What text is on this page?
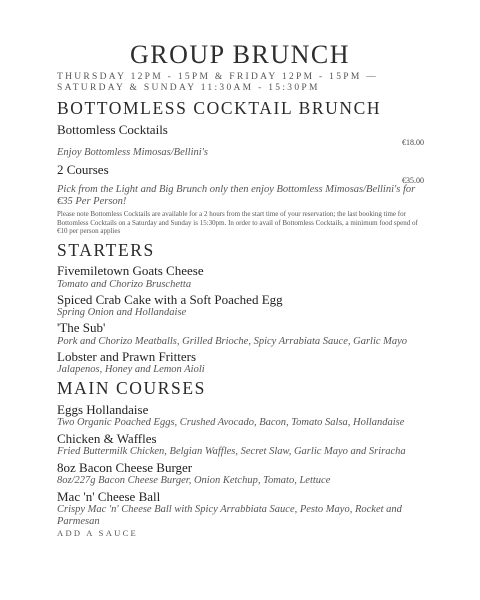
GROUP BRUNCH
THURSDAY 12PM - 15PM & FRIDAY 12PM - 15PM — SATURDAY & SUNDAY 11:30AM - 15:30PM
BOTTOMLESS COCKTAIL BRUNCH
Bottomless Cocktails
€18.00
Enjoy Bottomless Mimosas/Bellini's
2 Courses
€35.00
Pick from the Light and Big Brunch only then enjoy Bottomless Mimosas/Bellini's for €35 Per Person!
Please note Bottomless Cocktails are available for a 2 hours from the start time of your reservation; the last booking time for Bottomless Cocktails on a Saturday and Sunday is 15:30pm. In order to avail of Bottomless Cocktails, a minimum food spend of €10 per person applies
STARTERS
Fivemiletown Goats Cheese
Tomato and Chorizo Bruschetta
Spiced Crab Cake with a Soft Poached Egg
Spring Onion and Hollandaise
'The Sub'
Pork and Chorizo Meatballs, Grilled Brioche, Spicy Arrabiata Sauce, Garlic Mayo
Lobster and Prawn Fritters
Jalapenos, Honey and Lemon Aioli
MAIN COURSES
Eggs Hollandaise
Two Organic Poached Eggs, Crushed Avocado, Bacon, Tomato Salsa, Hollandaise
Chicken & Waffles
Fried Buttermilk Chicken, Belgian Waffles, Secret Slaw, Garlic Mayo and Sriracha
8oz Bacon Cheese Burger
8oz/227g Bacon Cheese Burger, Onion Ketchup, Tomato, Lettuce
Mac 'n' Cheese Ball
Crispy Mac 'n' Cheese Ball with Spicy Arrabbiata Sauce, Pesto Mayo, Rocket and Parmesan
ADD A SAUCE
